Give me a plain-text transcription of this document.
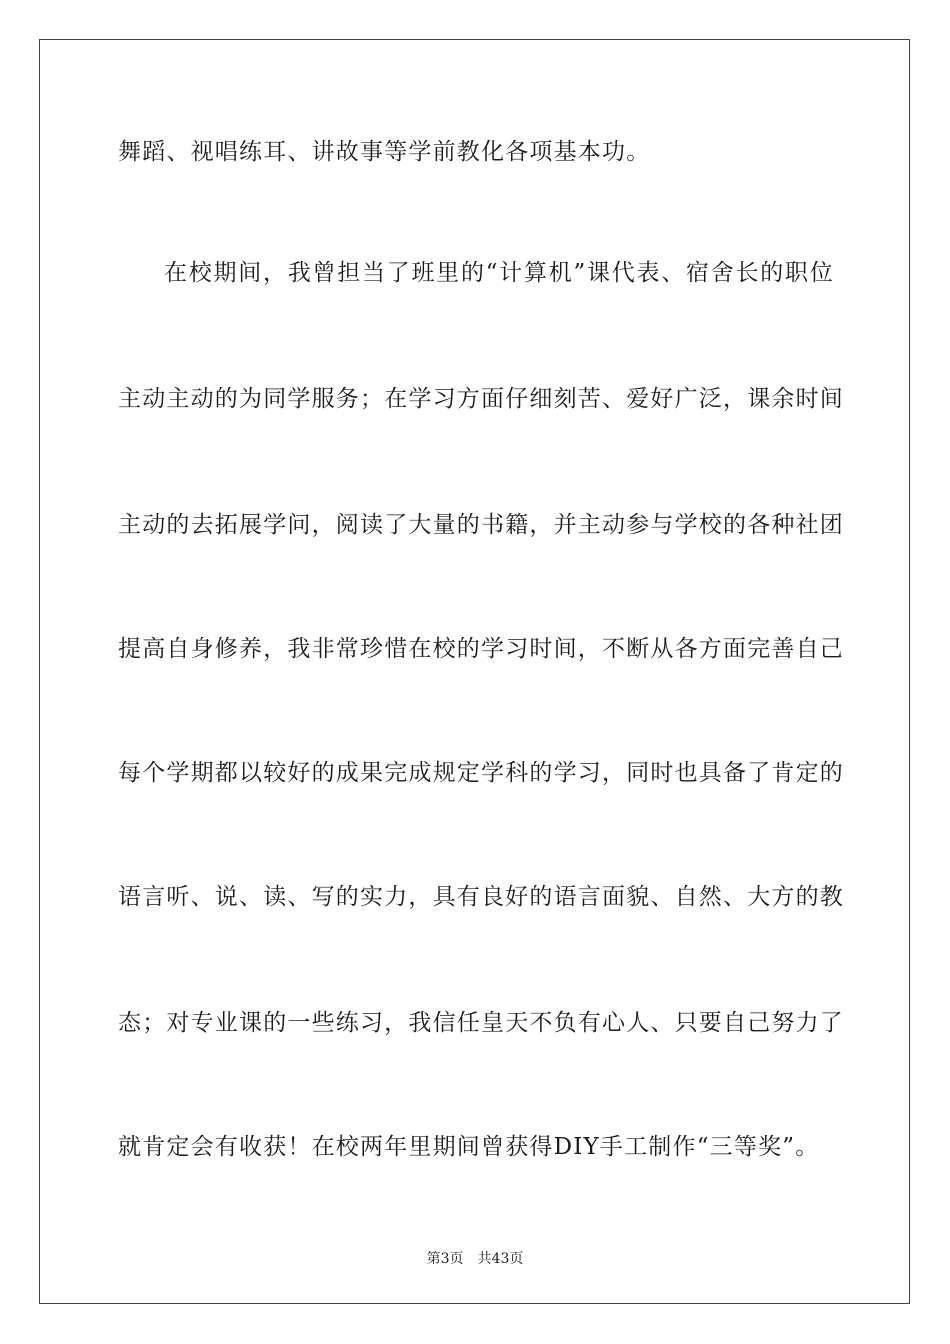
舞蹈、视唱练耳、讲故事等学前教化各项基本功。
在校期间，我曾担当了班里的“计算机”课代表、宿舍长的职位
主动主动的为同学服务；在学习方面仔细刻苦、爱好广泛，课余时间
主动的去拓展学问，阅读了大量的书籍，并主动参与学校的各种社团
提高自身修养，我非常珍惜在校的学习时间，不断从各方面完善自己
每个学期都以较好的成果完成规定学科的学习，同时也具备了肯定的
语言听、说、读、写的实力，具有良好的语言面貌、自然、大方的教
态；对专业课的一些练习，我信任皇天不负有心人、只要自己努力了
就肯定会有收获！在校两年里期间曾获得DIY手工制作“三等奖”。
第3页 共43页
